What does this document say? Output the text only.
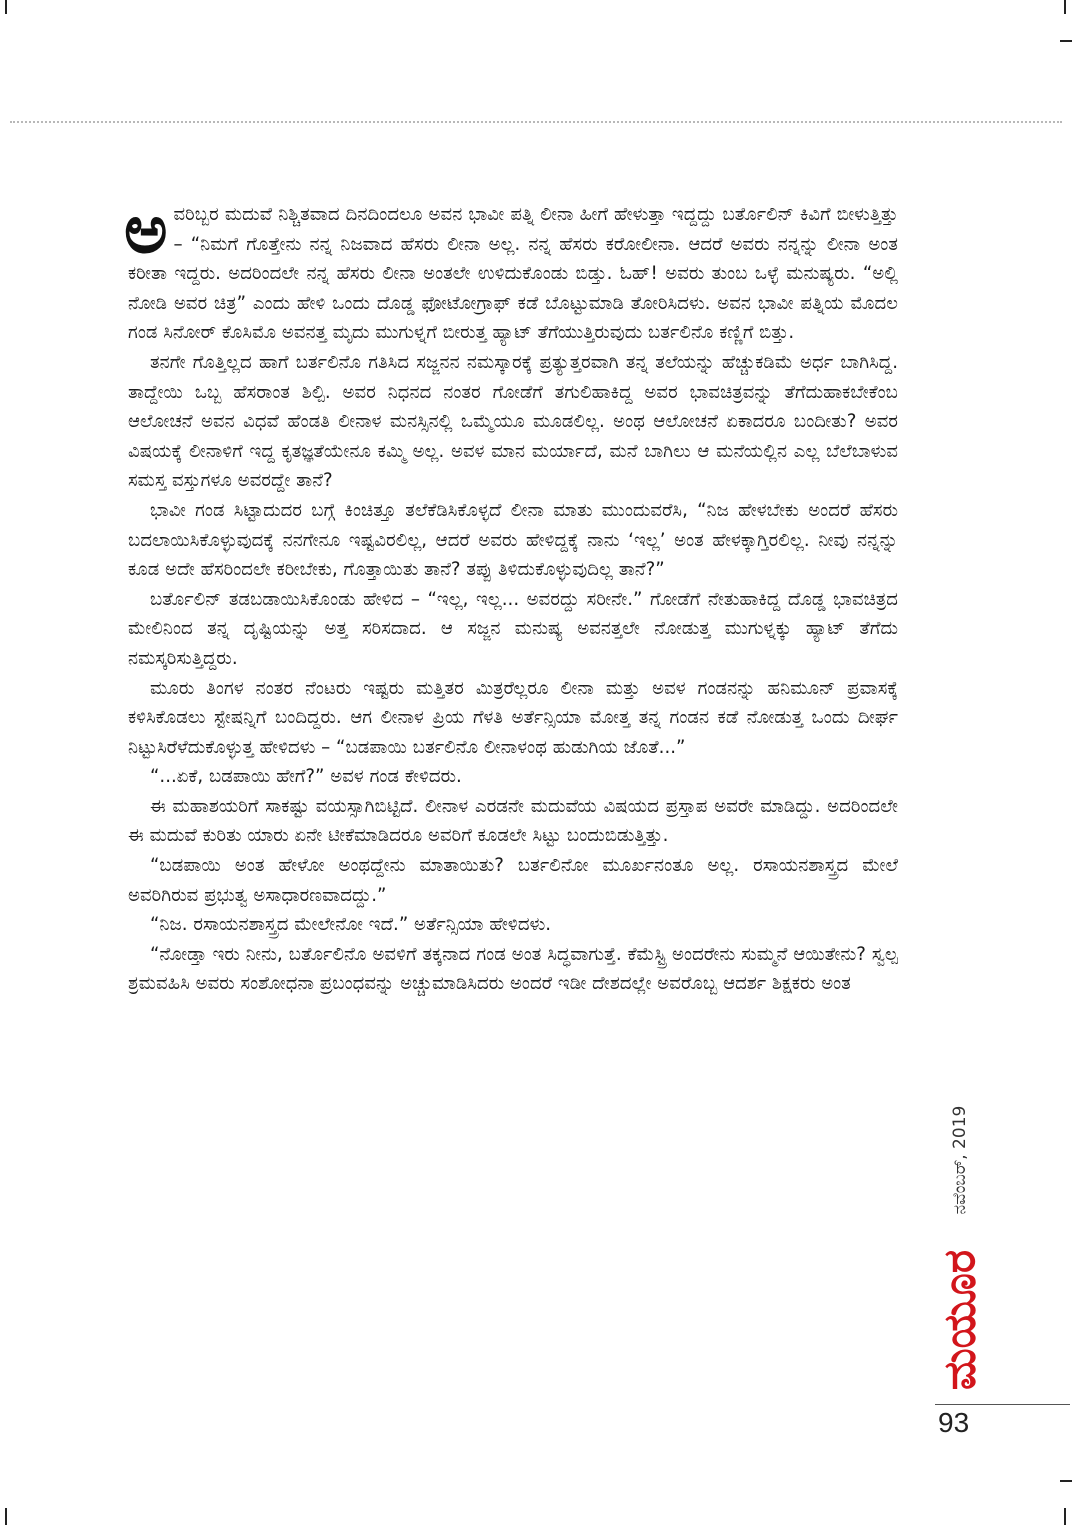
ಅವರಿಬ್ಬರ ಮದುವೆ ನಿಶ್ಚಿತವಾದ ದಿನದಿಂದಲೂ ಅವನ ಭಾವೀ ಪತ್ನಿ ಲೀನಾ ಹೀಗೆ ಹೇಳುತ್ತಾ ಇದ್ದದ್ದು ಬರ್ತೊಲಿನ್ ಕಿವಿಗೆ ಬೀಳುತ್ತಿತ್ತು – “ನಿಮಗೆ ಗೊತ್ತೇನು ನನ್ನ ನಿಜವಾದ ಹೆಸರು ಲೀನಾ ಅಲ್ಲ. ನನ್ನ ಹೆಸರು ಕರೋಲೀನಾ. ಆದರೆ ಅವರು ನನ್ನನ್ನು ಲೀನಾ ಅಂತ ಕರೀತಾ ಇದ್ದರು. ಅದರಿಂದಲೇ ನನ್ನ ಹೆಸರು ಲೀನಾ ಅಂತಲೇ ಉಳಿದುಕೊಂಡು ಬಿಡ್ತು. ಓಹ್! ಅವರು ತುಂಬ ಒಳ್ಳೆ ಮನುಷ್ಯರು. “ಅಲ್ಲಿ ನೋಡಿ ಅವರ ಚಿತ್ರ” ಎಂದು ಹೇಳಿ ಒಂದು ದೊಡ್ಡ ಫೋಟೋಗ್ರಾಫ್ ಕಡೆ ಬೊಟ್ಟುಮಾಡಿ ತೋರಿಸಿದಳು. ಅವನ ಭಾವೀ ಪತ್ನಿಯ ಮೊದಲ ಗಂಡ ಸಿನೋರ್ ಕೊಸಿಮೊ ಅವನತ್ತ ಮೃದು ಮುಗುಳ್ನಗೆ ಬೀರುತ್ತ ಹ್ಯಾಟ್ ತೆಗೆಯುತ್ತಿರುವುದು ಬರ್ತಲಿನೊ ಕಣ್ಣಿಗೆ ಬಿತ್ತು.

ತನಗೇ ಗೊತ್ತಿಲ್ಲದ ಹಾಗೆ ಬರ್ತಲಿನೊ ಗತಿಸಿದ ಸಜ್ಜನನ ನಮಸ್ಕಾರಕ್ಕೆ ಪ್ರತ್ಯುತ್ತರವಾಗಿ ತನ್ನ ತಲೆಯನ್ನು ಹೆಚ್ಚುಕಡಿಮೆ ಅರ್ಧ ಬಾಗಿಸಿದ್ದ. ತಾದ್ದೇಯಿ ಒಬ್ಬ ಹೆಸರಾಂತ ಶಿಲ್ಪಿ. ಅವರ ನಿಧನದ ನಂತರ ಗೋಡೆಗೆ ತಗುಲಿಹಾಕಿದ್ದ ಅವರ ಭಾವಚಿತ್ರವನ್ನು ತೆಗೆದುಹಾಕಬೇಕೆಂಬ ಆಲೋಚನೆ ಅವನ ವಿಧವೆ ಹೆಂಡತಿ ಲೀನಾಳ ಮನಸ್ಸಿನಲ್ಲಿ ಒಮ್ಮೆಯೂ ಮೂಡಲಿಲ್ಲ. ಅಂಥ ಆಲೋಚನೆ ಏಕಾದರೂ ಬಂದೀತು? ಅವರ ವಿಷಯಕ್ಕೆ ಲೀನಾಳಿಗೆ ಇದ್ದ ಕೃತಜ್ಞತೆಯೇನೂ ಕಮ್ಮಿ ಅಲ್ಲ. ಅವಳ ಮಾನ ಮರ್ಯಾದೆ, ಮನೆ ಬಾಗಿಲು ಆ ಮನೆಯಲ್ಲಿನ ಎಲ್ಲ ಬೆಲೆಬಾಳುವ ಸಮಸ್ತ ವಸ್ತುಗಳೂ ಅವರದ್ದೇ ತಾನೆ?

ಭಾವೀ ಗಂಡ ಸಿಟ್ಟಾದುದರ ಬಗ್ಗೆ ಕಿಂಚಿತ್ತೂ ತಲೆಕೆಡಿಸಿಕೊಳ್ಳದೆ ಲೀನಾ ಮಾತು ಮುಂದುವರೆಸಿ, “ನಿಜ ಹೇಳಬೇಕು ಅಂದರೆ ಹೆಸರು ಬದಲಾಯಿಸಿಕೊಳ್ಳುವುದಕ್ಕೆ ನನಗೇನೂ ಇಷ್ಟವಿರಲಿಲ್ಲ, ಆದರೆ ಅವರು ಹೇಳಿದ್ದಕ್ಕೆ ನಾನು ‘ಇಲ್ಲ’ ಅಂತ ಹೇಳಕ್ಕಾಗ್ತಿರಲಿಲ್ಲ. ನೀವು ನನ್ನನ್ನು ಕೂಡ ಅದೇ ಹೆಸರಿಂದಲೇ ಕರೀಬೇಕು, ಗೊತ್ತಾಯಿತು ತಾನೆ? ತಪ್ಪು ತಿಳಿದುಕೊಳ್ಳುವುದಿಲ್ಲ ತಾನೆ?”

ಬರ್ತೊಲಿನ್ ತಡಬಡಾಯಿಸಿಕೊಂಡು ಹೇಳಿದ – “ಇಲ್ಲ, ಇಲ್ಲ... ಅವರದ್ದು ಸರೀನೇ.” ಗೋಡೆಗೆ ನೇತುಹಾಕಿದ್ದ ದೊಡ್ಡ ಭಾವಚಿತ್ರದ ಮೇಲಿನಿಂದ ತನ್ನ ದೃಷ್ಟಿಯನ್ನು ಅತ್ತ ಸರಿಸದಾದ. ಆ ಸಜ್ಜನ ಮನುಷ್ಯ ಅವನತ್ತಲೇ ನೋಡುತ್ತ ಮುಗುಳ್ನಕ್ಕು ಹ್ಯಾಟ್ ತೆಗೆದು ನಮಸ್ಕರಿಸುತ್ತಿದ್ದರು.

ಮೂರು ತಿಂಗಳ ನಂತರ ನೆಂಟರು ಇಷ್ಟರು ಮತ್ತಿತರ ಮಿತ್ರರೆಲ್ಲರೂ ಲೀನಾ ಮತ್ತು ಅವಳ ಗಂಡನನ್ನು ಹನಿಮೂನ್ ಪ್ರವಾಸಕ್ಕೆ ಕಳಿಸಿಕೊಡಲು ಸ್ಟೇಷನ್ನಿಗೆ ಬಂದಿದ್ದರು. ಆಗ ಲೀನಾಳ ಪ್ರಿಯ ಗೆಳತಿ ಅರ್ತೆನ್ಸಿಯಾ ಮೋತ್ತ ತನ್ನ ಗಂಡನ ಕಡೆ ನೋಡುತ್ತ ಒಂದು ದೀರ್ಘ ನಿಟ್ಟುಸಿರೆಳೆದುಕೊಳ್ಳುತ್ತ ಹೇಳಿದಳು – “ಬಡಪಾಯಿ ಬರ್ತಲಿನೊ ಲೀನಾಳಂಥ ಹುಡುಗಿಯ ಜೊತೆ...”

“...ಏಕೆ, ಬಡಪಾಯಿ ಹೇಗೆ?” ಅವಳ ಗಂಡ ಕೇಳಿದರು.

ಈ ಮಹಾಶಯರಿಗೆ ಸಾಕಷ್ಟು ವಯಸ್ಸಾಗಿಬಿಟ್ಟಿದೆ. ಲೀನಾಳ ಎರಡನೇ ಮದುವೆಯ ವಿಷಯದ ಪ್ರಸ್ತಾಪ ಅವರೇ ಮಾಡಿದ್ದು. ಅದರಿಂದಲೇ ಈ ಮದುವೆ ಕುರಿತು ಯಾರು ಏನೇ ಟೀಕೆಮಾಡಿದರೂ ಅವರಿಗೆ ಕೂಡಲೇ ಸಿಟ್ಟು ಬಂದುಬಿಡುತ್ತಿತ್ತು.

“ಬಡಪಾಯಿ ಅಂತ ಹೇಳೋ ಅಂಥದ್ದೇನು ಮಾತಾಯಿತು? ಬರ್ತಲಿನೋ ಮೂರ್ಖನಂತೂ ಅಲ್ಲ. ರಸಾಯನಶಾಸ್ತ್ರದ ಮೇಲೆ ಅವರಿಗಿರುವ ಪ್ರಭುತ್ವ ಅಸಾಧಾರಣವಾದದ್ದು.”

“ನಿಜ. ರಸಾಯನಶಾಸ್ತ್ರದ ಮೇಲೇನೋ ಇದೆ.” ಅರ್ತೆನ್ಸಿಯಾ ಹೇಳಿದಳು.

“ನೋಡ್ತಾ ಇರು ನೀನು, ಬರ್ತೊಲಿನೊ ಅವಳಿಗೆ ತಕ್ಕನಾದ ಗಂಡ ಅಂತ ಸಿದ್ಧವಾಗುತ್ತೆ. ಕೆಮೆಸ್ಟ್ರಿ ಅಂದರೇನು ಸುಮ್ಮನೆ ಆಯಿತೇನು? ಸ್ವಲ್ಪ ಶ್ರಮವಹಿಸಿ ಅವರು ಸಂಶೋಧನಾ ಪ್ರಬಂಧವನ್ನು ಅಚ್ಚುಮಾಡಿಸಿದರು ಅಂದರೆ ಇಡೀ ದೇಶದಲ್ಲೇ ಅವರೊಬ್ಬ ಆದರ್ಶ ಶಿಕ್ಷಕರು ಅಂತ

ನವೆಂಬರ್, 2019
ಮಯೂರ
93
